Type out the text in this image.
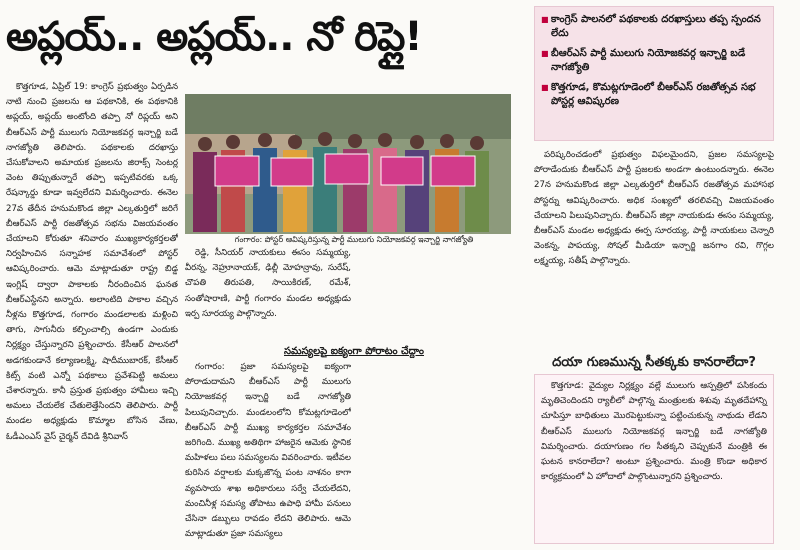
అప్లయ్.. అప్లయ్.. నో రిప్లై!
■	కాంగ్రెస్ పాలనలో పథకాలకు దరఖాస్తులు తప్ప స్పందన లేదు
■ బీఆర్ఎస్ పార్టీ ములుగు నియోజకవర్గ ఇన్చార్జి బడే నాగజ్యోతి
■ కొత్తగూడ, కొమట్లగూడెంలో బీఆర్ఎస్ రజతోత్సవ సభ పోస్టర్ల ఆవిష్కరణ

కొత్తగూడ, ఏప్రిల్ 19: కాంగ్రెస్ ప్రభుత్వం ఏర్పడిన నాటి నుంచి ప్రజలను ఆ పథకానికి, ఈ పథకానికి అప్లయ్, అప్లయ్ అంటోంది తప్పా నో రిప్లయ్ అని బీఆర్ఎస్ పార్టీ ములుగు నియోజకవర్గ ఇన్చార్జి బడే నాగజ్యోతి తెలిపారు. పథకాలకు దరఖాస్తు చేసుకోవాలని అమాయక ప్రజలను జిరాక్స్ సెంటర్ల వెంట తిప్పుతున్నారే తప్పా ఇప్పటివరకు ఒక్క రేషన్కార్డు కూడా ఇవ్వలేదని విమర్శించారు. ఈనెల 27వ తేదీన హనుమకొండ జిల్లా ఎల్కతుర్తిలో జరిగే బీఆర్ఎస్ పార్టీ రజతోత్సవ సభను విజయవంతం చేయాలని కోరుతూ శనివారం ముఖ్యకార్యకర్తలతో నిర్వహించిన సన్నాహక సమావేశంలో పోస్టర్ ఆవిష్కరించారు. ఆమె మాట్లాడుతూ రాష్ట్ర బిడ్డ ఇంగ్లిష్ ద్వారా పాకాలకు నీరందించిన ఘనత బీఆర్ఎస్దేనని అన్నారు. అలాంటిది పాకాల వచ్చిన నీళ్లను కొత్తగూడ, గంగారం మండలాలకు మళ్లించి తాగు, సాగునీరు కల్పించాల్సి ఉండగా ఎందుకు నిర్లక్ష్యం చేస్తున్నారని ప్రశ్నించారు. కేసీఆర్ పాలనలో అడగకుండానే కల్యాణలక్ష్మి, షాదీముబారక్, కేసీఆర్ కిట్స్ వంటి ఎన్నో పథకాలు ప్రవేశపెట్టి అమలు చేశారన్నారు. కానీ ప్రస్తుత ప్రభుత్వం హామీలు ఇచ్చి అమలు చేయలేక చేతులెత్తేసిందని తెలిపారు. పార్టీ మండల అధ్యక్షుడు కొమ్మాల బోసిన వేణు, ఓడీఎంఎస్ వైస్ చైర్మన్ దేవిడి శ్రీనివాస్

గంగారం: పోస్టర్ ఆవిష్కరిస్తున్న పార్టీ ములుగు నియోజకవర్గ ఇన్చార్జి నాగజ్యోతి

రెడ్డి, సీనియర్ నాయకులు ఈసం సమ్మయ్య, వీరన్న, నెహ్రూనాయక్, ఢిల్లీ మోహన్రావు, సురేష్, చొపతి తిరుపతి, సాయికిరణ్, రమేశ్, సంతోషారాణి, పార్టీ గంగారం మండల అధ్యక్షుడు ఇర్ప సూరయ్య పాల్గొన్నారు.

సమస్యలపై ఐక్యంగా పోరాటం చేద్దాం

గంగారం: ప్రజా సమస్యలపై ఐక్యంగా పోరాడుదామని బీఆర్ఎస్ పార్టీ ములుగు నియోజకవర్గ ఇన్చార్జి బడే నాగజ్యోతి పిలుపునిచ్చారు. మండలంలోని కోమట్లగూడెంలో బీఆర్ఎస్ పార్టీ ముఖ్య కార్యకర్తల సమావేశం జరిగింది. ముఖ్య అతిథిగా హాజరైన ఆమెకు స్థానిక మహిళలు పలు సమస్యలను వివరించారు. ఇటీవల కురిసిన వర్షాలకు మక్కజొన్న పంట నాశనం కాగా వ్యవసాయ శాఖ అధికారులు సర్వే చేయలేదని, మంచినీళ్ల సమస్య తోపాటు ఉపాధి హామీ పనులు చేసినా డబ్బులు రావడం లేదని తెలిపారు. ఆమె మాట్లాడుతూ ప్రజా సమస్యలు

పరిష్కరించడంలో ప్రభుత్వం విఫలమైందని, ప్రజల సమస్యలపై పోరాడేందుకు బీఆర్ఎస్ పార్టీ ప్రజలకు అండగా ఉంటుందన్నారు. ఈనెల 27న హనుమకొండ జిల్లా ఎల్కతుర్తిలో బీఆర్ఎస్ రజతోత్సవ మహాసభ పోస్టర్ను ఆవిష్కరించారు. అధిక సంఖ్యలో తరలివచ్చి విజయవంతం చేయాలని పిలుపునిచ్చారు. బీఆర్ఎస్ జిల్లా నాయకుడు ఈసం సమ్మయ్య, బీఆర్ఎస్ మండల అధ్యక్షుడు ఈర్ప సూరయ్య, పార్టీ నాయకులు చెన్నారి వెంకన్న, పాపయ్య, సోషల్ మీడియా ఇన్చార్జి జనగాం రవి, గొగ్గల లక్ష్మయ్య, సతీష్ పాల్గొన్నారు.

దయా గుణమున్న సీతక్కకు కానరాలేదా?

కొత్తగూడ: వైద్యుల నిర్లక్ష్యం వల్లే ములుగు ఆస్పత్రిలో పసికందు మృతిచెందిందని ర్యాలీలో పాల్గొన్న మంత్రులకు శిశువు మృతదేహాన్ని చూపిస్తూ బాధితులు మొరపెట్టుకున్నా పట్టించుకున్న నాథుడు లేడని బీఆర్ఎస్ ములుగు నియోజకవర్గ ఇన్చార్జి బడే నాగజ్యోతి విమర్శించారు. దయాగుణం గల సీతక్కని చెప్పుకునే మంత్రికి ఈ ఘటన కానరాలేదా? అంటూ ప్రశ్నించారు. మంత్రి కొండా అధికార కార్యక్రమంలో ఏ హోదాలో పాల్గొంటున్నారని ప్రశ్నించారు.
